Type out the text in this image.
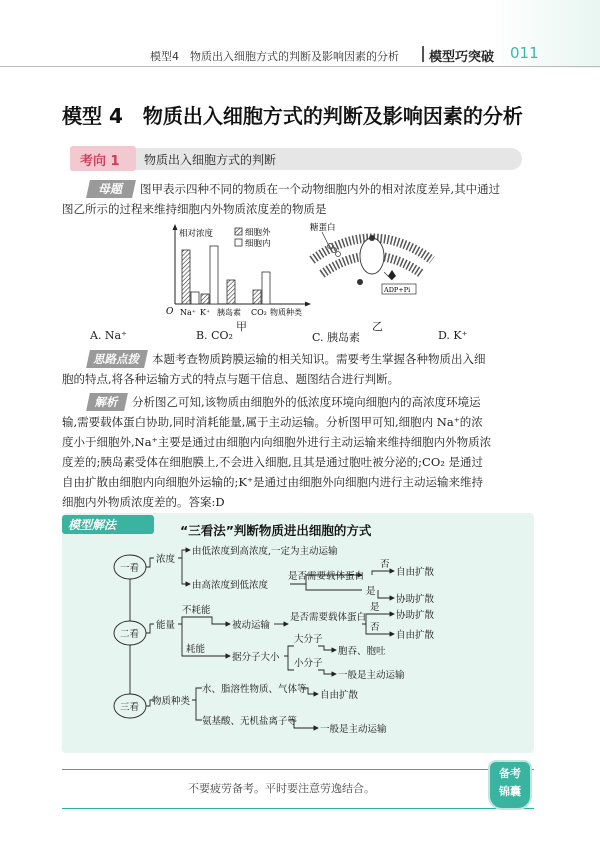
模型4　物质出入细胞方式的判断及影响因素的分析 模型巧突破 011
模型 4　物质出入细胞方式的判断及影响因素的分析
考向 1 物质出入细胞方式的判断
母题	图甲表示四种不同的物质在一个动物细胞内外的相对浓度差异,其中通过
图乙所示的过程来维持细胞内外物质浓度差的物质是
相对浓度	细胞外
细胞内
O Na⁺ K⁺ 胰岛素 CO₂ 物质种类
甲
糖蛋白
ADP+Pi
乙
A. Na⁺	B. CO₂	C. 胰岛素	D. K⁺
思路点拨 本题考查物质跨膜运输的相关知识。需要考生掌握各种物质出入细
胞的特点,将各种运输方式的特点与题干信息、题图结合进行判断。
解析	分析图乙可知,该物质由细胞外的低浓度环境向细胞内的高浓度环境运
输,需要载体蛋白协助,同时消耗能量,属于主动运输。分析图甲可知,细胞内 Na⁺的浓
度小于细胞外,Na⁺主要是通过由细胞内向细胞外进行主动运输来维持细胞内外物质浓
度差的;胰岛素受体在细胞膜上,不会进入细胞,且其是通过胞吐被分泌的;CO₂ 是通过
自由扩散由细胞内向细胞外运输的;K⁺是通过由细胞外向细胞内进行主动运输来维持
细胞内外物质浓度差的。答案:D
模型解法	“三看法”判断物质进出细胞的方式
一看
二看
三看
浓度
由低浓度到高浓度,一定为主动运输
由高浓度到低浓度
是否需要载体蛋白
否
自由扩散
是
协助扩散
能量
不耗能
被动运输
是否需要载体蛋白
是
协助扩散
否
自由扩散
耗能
据分子大小
大分子
胞吞、胞吐
小分子
一般是主动运输
物质种类
水、脂溶性物质、气体等
自由扩散
氨基酸、无机盐离子等
一般是主动运输
不要疲劳备考。平时要注意劳逸结合。
备考
锦囊
